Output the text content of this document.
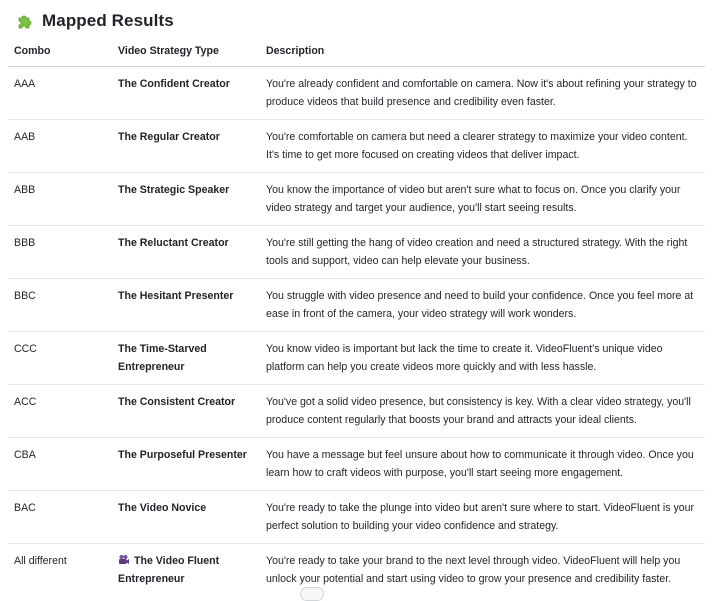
Mapped Results
Combo	Video Strategy Type	Description
AAA	The Confident Creator	You're already confident and comfortable on camera. Now it's about refining your strategy to produce videos that build presence and credibility even faster.
AAB	The Regular Creator	You're comfortable on camera but need a clearer strategy to maximize your video content. It's time to get more focused on creating videos that deliver impact.
ABB	The Strategic Speaker	You know the importance of video but aren't sure what to focus on. Once you clarify your video strategy and target your audience, you'll start seeing results.
BBB	The Reluctant Creator	You're still getting the hang of video creation and need a structured strategy. With the right tools and support, video can help elevate your business.
BBC	The Hesitant Presenter	You struggle with video presence and need to build your confidence. Once you feel more at ease in front of the camera, your video strategy will work wonders.
CCC	The Time-Starved Entrepreneur	You know video is important but lack the time to create it. VideoFluent's unique video platform can help you create videos more quickly and with less hassle.
ACC	The Consistent Creator	You've got a solid video presence, but consistency is key. With a clear video strategy, you'll produce content regularly that boosts your brand and attracts your ideal clients.
CBA	The Purposeful Presenter	You have a message but feel unsure about how to communicate it through video. Once you learn how to craft videos with purpose, you'll start seeing more engagement.
BAC	The Video Novice	You're ready to take the plunge into video but aren't sure where to start. VideoFluent is your perfect solution to building your video confidence and strategy.
All different	The Video Fluent Entrepreneur	You're ready to take your brand to the next level through video. VideoFluent will help you unlock your potential and start using video to grow your presence and credibility faster.
